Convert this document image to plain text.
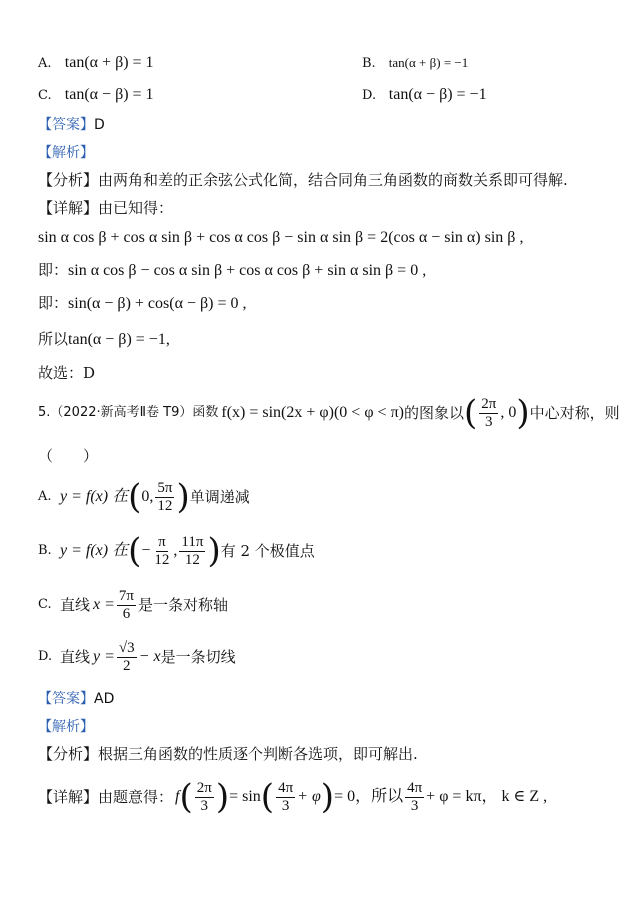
A. tan(α + β) = 1	B. tan(α + β) = −1
C. tan(α − β) = 1	D. tan(α − β) = −1
【答案】D
【解析】
【分析】由两角和差的正余弦公式化简，结合同角三角函数的商数关系即可得解.
【详解】由已知得：
sin α cos β + cos α sin β + cos α cos β − sin α sin β = 2(cos α − sin α) sin β ,
即：sin α cos β − cos α sin β + cos α cos β + sin α sin β = 0 ,
即：sin(α − β) + cos(α − β) = 0 ,
所以tan(α − β) = −1,
故选：D
5.（2022·新高考Ⅱ卷 T9）函数 f(x) = sin(2x + φ)(0 < φ < π) 的图象以 ( $\frac{2\pi}{3}$ , 0 ) 中心对称，则
（　　）
A. y = f(x) 在 ( 0, $\frac{5\pi}{12}$ ) 单调递减
B. y = f(x) 在 ( − $\frac{\pi}{12}$ , $\frac{11\pi}{12}$ ) 有 2 个极值点
C. 直线 $x = \frac{7\pi}{6}$ 是一条对称轴
D. 直线 $y = \frac{√3}{2} - x$ 是一条切线
【答案】AD
【解析】
【分析】根据三角函数的性质逐个判断各选项，即可解出.
【详解】 由题意得： f ( $\frac{2\pi}{3}$ ) = sin ( $\frac{4\pi}{3} + \varphi$ ) = 0，所以 $\frac{4\pi}{3} + \varphi = k\pi$， k ∈ Z ,
